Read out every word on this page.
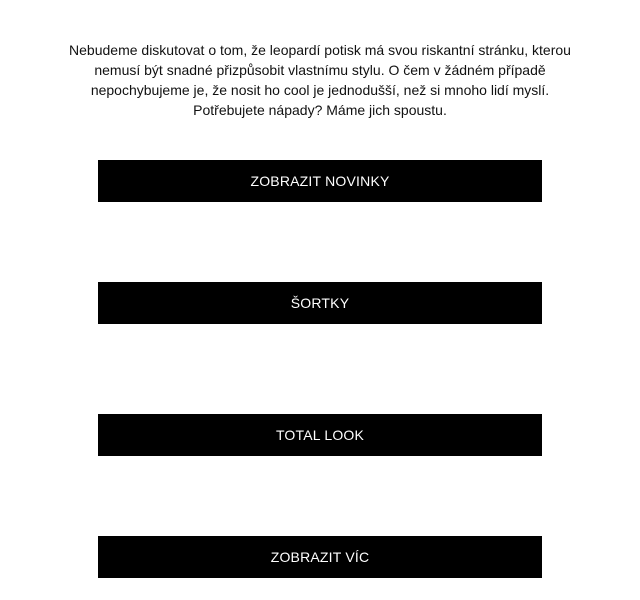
Nebudeme diskutovat o tom, že leopardí potisk má svou riskantní stránku, kterou nemusí být snadné přizpůsobit vlastnímu stylu. O čem v žádném případě nepochybujeme je, že nosit ho cool je jednodušší, než si mnoho lidí myslí. Potřebujete nápady? Máme jich spoustu.
ZOBRAZIT NOVINKY
ŠORTKY
TOTAL LOOK
ZOBRAZIT VÍC
